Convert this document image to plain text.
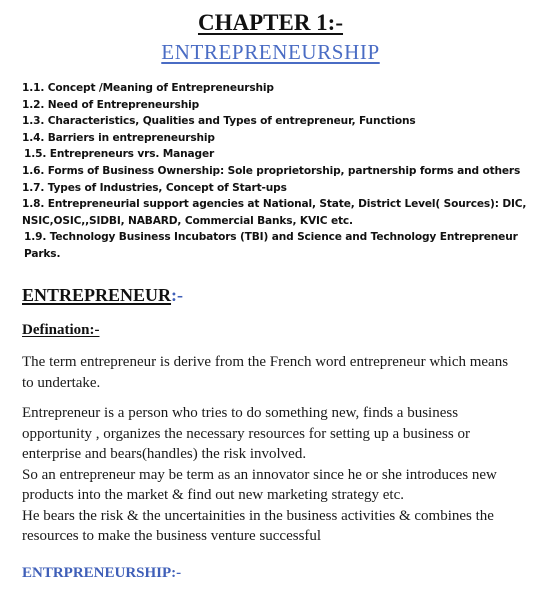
CHAPTER 1:-
ENTREPRENEURSHIP
1.1. Concept /Meaning of Entrepreneurship
1.2. Need of Entrepreneurship
1.3. Characteristics, Qualities and Types of entrepreneur, Functions
1.4. Barriers in entrepreneurship
1.5. Entrepreneurs vrs. Manager
1.6. Forms of Business Ownership: Sole proprietorship, partnership forms and others
1.7. Types of Industries, Concept of Start-ups
1.8. Entrepreneurial support agencies at National, State, District Level( Sources): DIC, NSIC,OSIC,,SIDBI, NABARD, Commercial Banks, KVIC etc.
1.9. Technology Business Incubators (TBI) and Science and Technology Entrepreneur Parks.
ENTREPRENEUR:-
Defination:-

The term entrepreneur is derive from the French word entrepreneur which means to undertake.

Entrepreneur is a person who tries to do something new, finds a business opportunity , organizes the necessary resources for setting up a business or enterprise and bears(handles) the risk involved.
So an entrepreneur may be term as an innovator since he or she introduces new products into the market & find out new marketing strategy etc.
He bears the risk & the uncertainities in the business activities & combines the resources to make the business venture successful
ENTRPRENEURSHIP:-
